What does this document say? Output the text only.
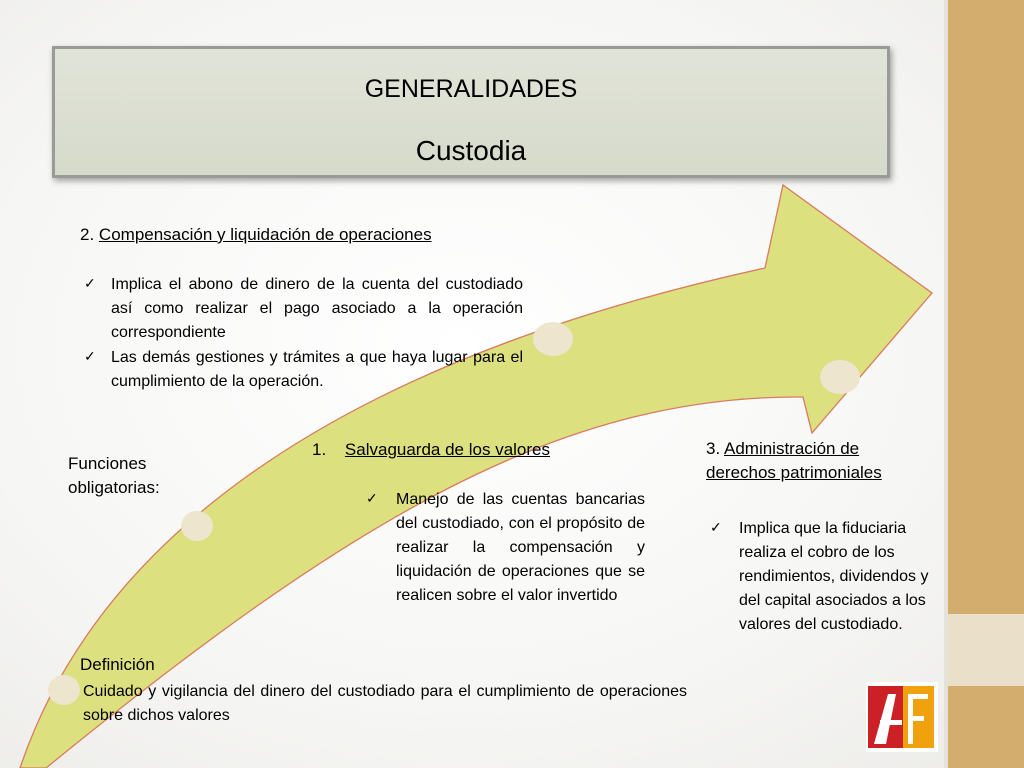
GENERALIDADES
Custodia
2. Compensación y liquidación de operaciones
✓ Implica el abono de dinero de la cuenta del custodiado así como realizar el pago asociado a la operación correspondiente
✓ Las demás gestiones y trámites a que haya lugar para el cumplimiento de la operación.
Funciones obligatorias:
1. Salvaguarda de los valores
✓ Manejo de las cuentas bancarias del custodiado, con el propósito de realizar la compensación y liquidación de operaciones que se realicen sobre el valor invertido
3. Administración de
derechos patrimoniales
✓ Implica que la fiduciaria realiza el cobro de los rendimientos, dividendos y del capital asociados a los valores del custodiado.
Definición
Cuidado y vigilancia del dinero del custodiado para el cumplimiento de operaciones sobre dichos valores
